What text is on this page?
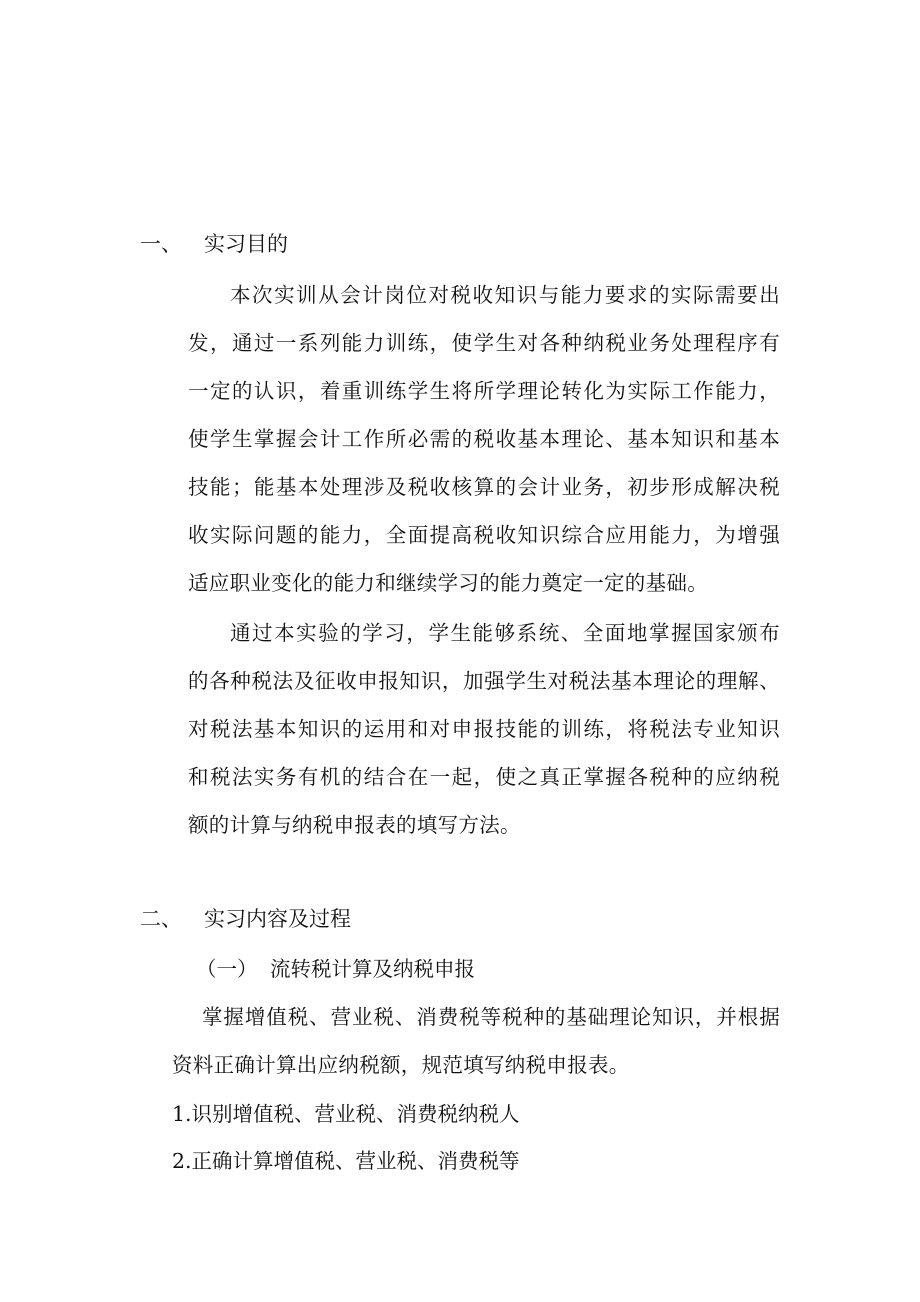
一、 实习目的
本次实训从会计岗位对税收知识与能力要求的实际需要出
发，通过一系列能力训练，使学生对各种纳税业务处理程序有
一定的认识，着重训练学生将所学理论转化为实际工作能力，
使学生掌握会计工作所必需的税收基本理论、基本知识和基本
技能；能基本处理涉及税收核算的会计业务，初步形成解决税
收实际问题的能力，全面提高税收知识综合应用能力，为增强
适应职业变化的能力和继续学习的能力奠定一定的基础。
通过本实验的学习，学生能够系统、全面地掌握国家颁布
的各种税法及征收申报知识，加强学生对税法基本理论的理解、
对税法基本知识的运用和对申报技能的训练，将税法专业知识
和税法实务有机的结合在一起，使之真正掌握各税种的应纳税
额的计算与纳税申报表的填写方法。
二、 实习内容及过程
（一） 流转税计算及纳税申报
掌握增值税、营业税、消费税等税种的基础理论知识，并根据
资料正确计算出应纳税额，规范填写纳税申报表。
1.识别增值税、营业税、消费税纳税人
2.正确计算增值税、营业税、消费税等
